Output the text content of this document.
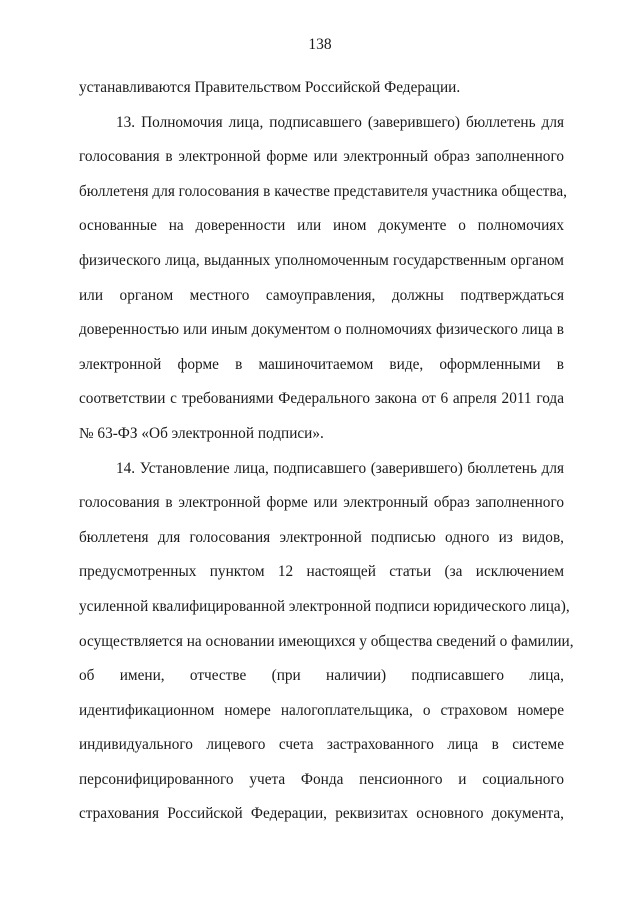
138
устанавливаются Правительством Российской Федерации.
13. Полномочия лица, подписавшего (заверившего) бюллетень для
голосования в электронной форме или электронный образ заполненного
бюллетеня для голосования в качестве представителя участника общества,
основанные на доверенности или ином документе о полномочиях
физического лица, выданных уполномоченным государственным органом
или органом местного самоуправления, должны подтверждаться
доверенностью или иным документом о полномочиях физического лица в
электронной форме в машиночитаемом виде, оформленными в
соответствии с требованиями Федерального закона от 6 апреля 2011 года
№ 63-ФЗ «Об электронной подписи».
14. Установление лица, подписавшего (заверившего) бюллетень для
голосования в электронной форме или электронный образ заполненного
бюллетеня для голосования электронной подписью одного из видов,
предусмотренных пунктом 12 настоящей статьи (за исключением
усиленной квалифицированной электронной подписи юридического лица),
осуществляется на основании имеющихся у общества сведений о фамилии,
об имени, отчестве (при наличии) подписавшего лица,
идентификационном номере налогоплательщика, о страховом номере
индивидуального лицевого счета застрахованного лица в системе
персонифицированного учета Фонда пенсионного и социального
страхования Российской Федерации, реквизитах основного документа,
